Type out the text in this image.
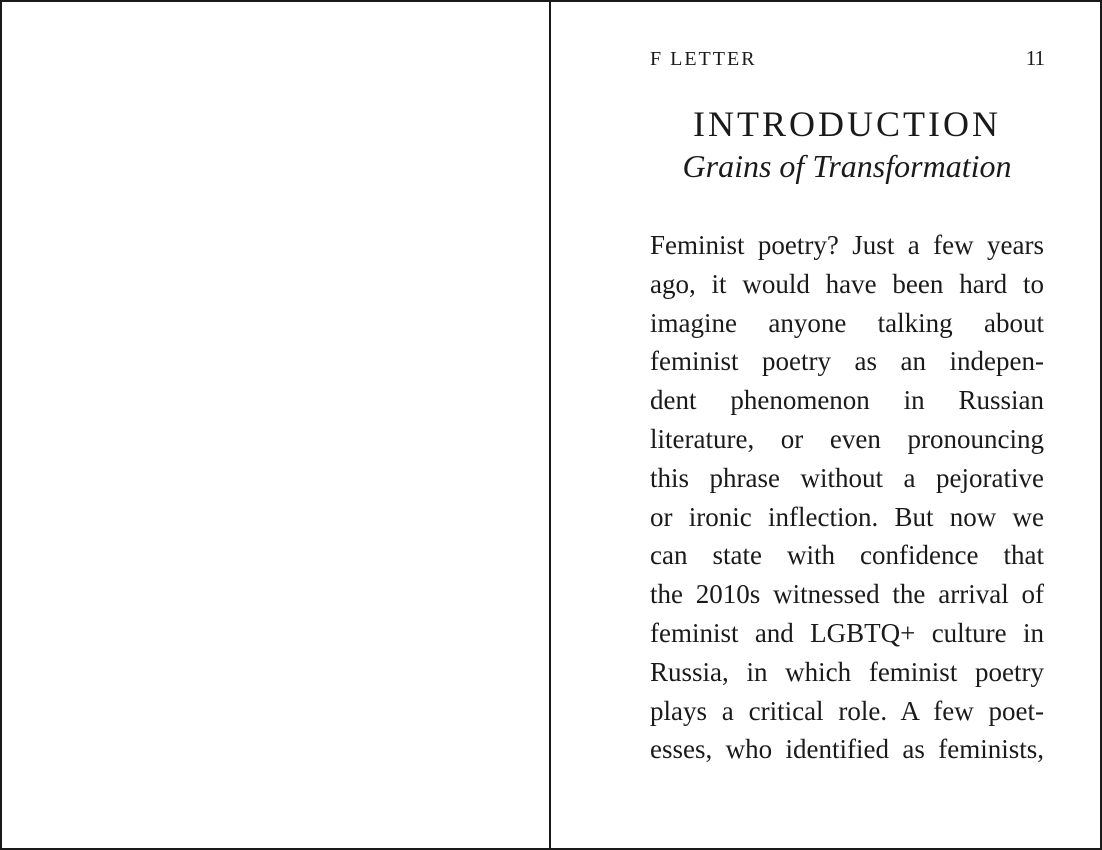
F LETTER	11
INTRODUCTION
Grains of Transformation
Feminist poetry? Just a few years
ago, it would have been hard to
imagine anyone talking about
feminist poetry as an indepen-
dent phenomenon in Russian
literature, or even pronouncing
this phrase without a pejorative
or ironic inflection. But now we
can state with confidence that
the 2010s witnessed the arrival of
feminist and LGBTQ+ culture in
Russia, in which feminist poetry
plays a critical role. A few poet-
esses, who identified as feminists,
